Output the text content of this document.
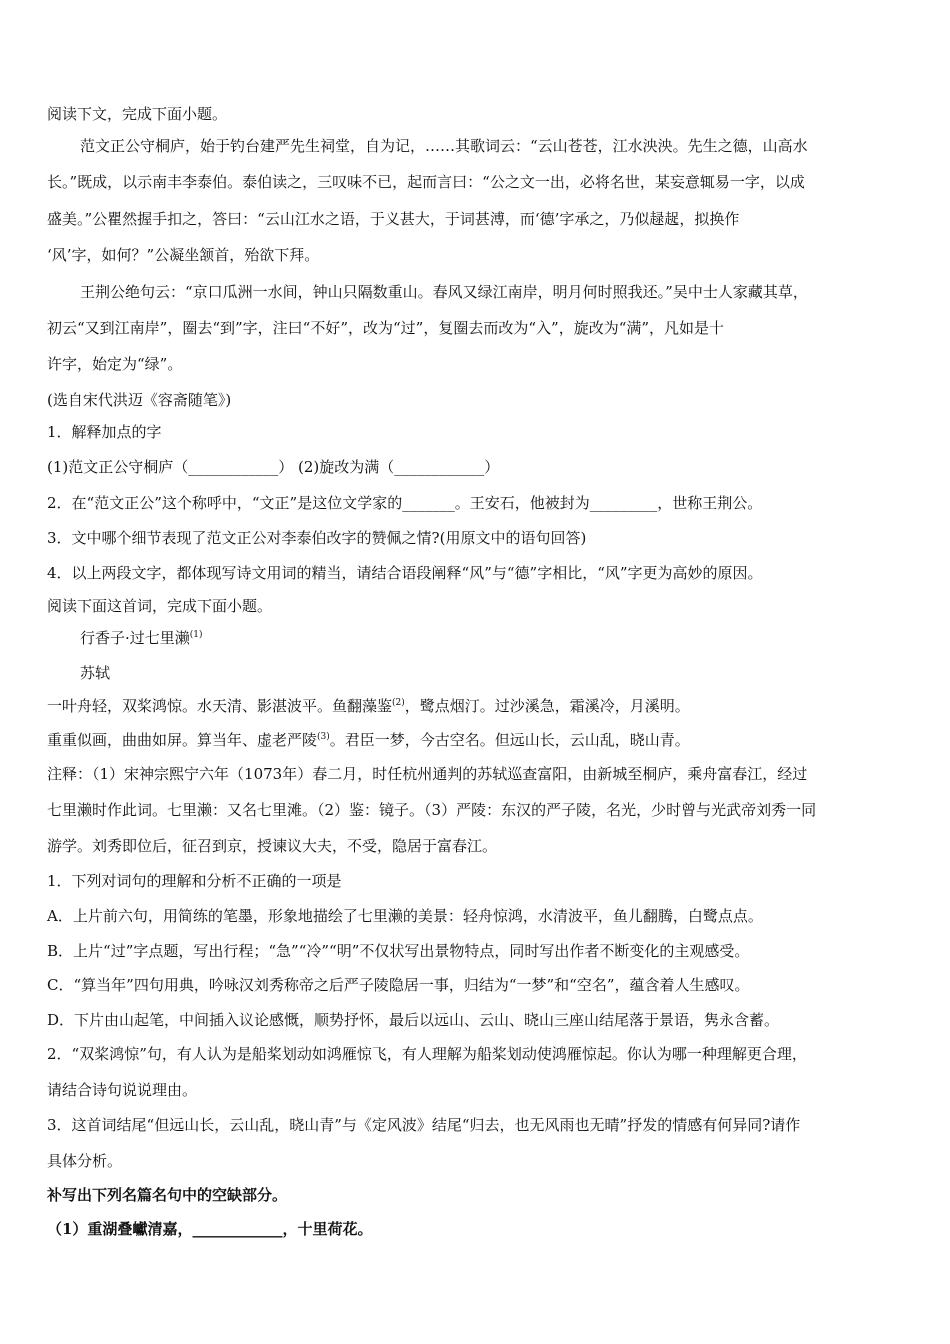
阅读下文，完成下面小题。
范文正公守桐庐，始于钓台建严先生祠堂，自为记，……其歌词云：“云山苍苍，江水泱泱。先生之德，山高水
长。”既成，以示南丰李泰伯。泰伯读之，三叹味不已，起而言曰：“公之文一出，必将名世，某妄意辄易一字，以成
盛美。”公瞿然握手扣之，答曰：“云山江水之语，于义甚大，于词甚溥，而‘德’字承之，乃似趢趗，拟换作
‘风’字，如何？”公凝坐颔首，殆欲下拜。
王荆公绝句云：“京口瓜洲一水间，钟山只隔数重山。春风又绿江南岸，明月何时照我还。”吴中士人家藏其草，
初云“又到江南岸”，圈去“到”字，注曰“不好”，改为“过”，复圈去而改为“入”，旋改为“满”，凡如是十
许字，始定为“绿”。
(选自宋代洪迈《容斋随笔》)
1．解释加点的字
(1)范文正公守桐庐（____________） (2)旋改为满（____________）
2．在“范文正公”这个称呼中，“文正”是这位文学家的_______。王安石，他被封为_________，世称王荆公。
3．文中哪个细节表现了范文正公对李泰伯改字的赞佩之情?(用原文中的语句回答)
4．以上两段文字，都体现写诗文用词的精当，请结合语段阐释“风”与“德”字相比，“风”字更为高妙的原因。
阅读下面这首词，完成下面小题。
行香子·过七里濑$^{(1)}$
苏轼
一叶舟轻，双桨鸿惊。水天清、影湛波平。鱼翻藻鉴$^{(2)}$，鹭点烟汀。过沙溪急，霜溪冷，月溪明。
重重似画，曲曲如屏。算当年、虚老严陵$^{(3)}$。君臣一梦，今古空名。但远山长，云山乱，晓山青。
注释：（1）宋神宗熙宁六年（1073年）春二月，时任杭州通判的苏轼巡查富阳，由新城至桐庐，乘舟富春江，经过
七里濑时作此词。七里濑：又名七里滩。（2）鉴：镜子。（3）严陵：东汉的严子陵，名光，少时曾与光武帝刘秀一同
游学。刘秀即位后，征召到京，授谏议大夫，不受，隐居于富春江。
1．下列对词句的理解和分析不正确的一项是
A．上片前六句，用简练的笔墨，形象地描绘了七里濑的美景：轻舟惊鸿，水清波平，鱼儿翻腾，白鹭点点。
B．上片“过”字点题，写出行程；“急”“冷”“明”不仅状写出景物特点，同时写出作者不断变化的主观感受。
C．“算当年”四句用典，吟咏汉刘秀称帝之后严子陵隐居一事，归结为“一梦”和“空名”，蕴含着人生感叹。
D．下片由山起笔，中间插入议论感慨，顺势抒怀，最后以远山、云山、晓山三座山结尾落于景语，隽永含蓄。
2．“双桨鸿惊”句，有人认为是船桨划动如鸿雁惊飞，有人理解为船桨划动使鸿雁惊起。你认为哪一种理解更合理，
请结合诗句说说理由。
3．这首词结尾“但远山长，云山乱，晓山青”与《定风波》结尾“归去，也无风雨也无晴”抒发的情感有何异同?请作
具体分析。
补写出下列名篇名句中的空缺部分。
（1）重湖叠巘清嘉，____________，十里荷花。
